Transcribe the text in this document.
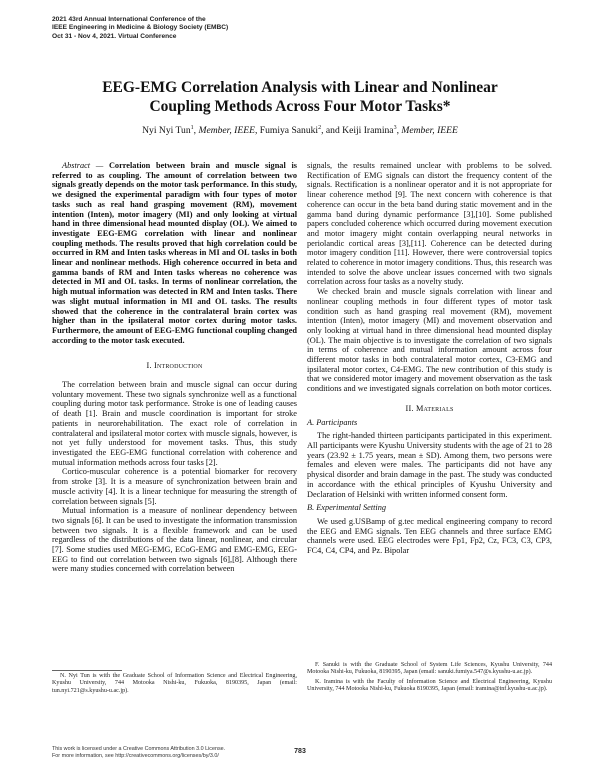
2021 43rd Annual International Conference of the
IEEE Engineering in Medicine & Biology Society (EMBC)
Oct 31 - Nov 4, 2021. Virtual Conference
EEG-EMG Correlation Analysis with Linear and Nonlinear
Coupling Methods Across Four Motor Tasks*
Nyi Nyi Tun$^1$, Member, IEEE, Fumiya Sanuki$^2$, and Keiji Iramina$^3$, Member, IEEE

Abstract — Correlation between brain and muscle signal is referred to as coupling. The amount of correlation between two signals greatly depends on the motor task performance. In this study, we designed the experimental paradigm with four types of motor tasks such as real hand grasping movement (RM), movement intention (Inten), motor imagery (MI) and only looking at virtual hand in three dimensional head mounted display (OL). We aimed to investigate EEG-EMG correlation with linear and nonlinear coupling methods. The results proved that high correlation could be occurred in RM and Inten tasks whereas in MI and OL tasks in both linear and nonlinear methods. High coherence occurred in beta and gamma bands of RM and Inten tasks whereas no coherence was detected in MI and OL tasks. In terms of nonlinear correlation, the high mutual information was detected in RM and Inten tasks. There was slight mutual information in MI and OL tasks. The results showed that the coherence in the contralateral brain cortex was higher than in the ipsilateral motor cortex during motor tasks. Furthermore, the amount of EEG-EMG functional coupling changed according to the motor task executed.

I. Introduction

The correlation between brain and muscle signal can occur during voluntary movement. These two signals synchronize well as a functional coupling during motor task performance. Stroke is one of leading causes of death [1]. Brain and muscle coordination is important for stroke patients in neurorehabilitation. The exact role of correlation in contralateral and ipsilateral motor cortex with muscle signals, however, is not yet fully understood for movement tasks. Thus, this study investigated the EEG-EMG functional correlation with coherence and mutual information methods across four tasks [2].

Cortico-muscular coherence is a potential biomarker for recovery from stroke [3]. It is a measure of synchronization between brain and muscle activity [4]. It is a linear technique for measuring the strength of correlation between signals [5].

Mutual information is a measure of nonlinear dependency between two signals [6]. It can be used to investigate the information transmission between two signals. It is a flexible framework and can be used regardless of the distributions of the data linear, nonlinear, and circular [7]. Some studies used MEG-EMG, ECoG-EMG and EMG-EMG, EEG-EEG to find out correlation between two signals [6],[8]. Although there were many studies concerned with correlation between

signals, the results remained unclear with problems to be solved. Rectification of EMG signals can distort the frequency content of the signals. Rectification is a nonlinear operator and it is not appropriate for linear coherence method [9]. The next concern with coherence is that coherence can occur in the beta band during static movement and in the gamma band during dynamic performance [3],[10]. Some published papers concluded coherence which occurred during movement execution and motor imagery might contain overlapping neural networks in periolandic cortical areas [3],[11]. Coherence can be detected during motor imagery condition [11]. However, there were controversial topics related to coherence in motor imagery conditions. Thus, this research was intended to solve the above unclear issues concerned with two signals correlation across four tasks as a novelty study.

We checked brain and muscle signals correlation with linear and nonlinear coupling methods in four different types of motor task condition such as hand grasping real movement (RM), movement intention (Inten), motor imagery (MI) and movement observation and only looking at virtual hand in three dimensional head mounted display (OL). The main objective is to investigate the correlation of two signals in terms of coherence and mutual information amount across four different motor tasks in both contralateral motor cortex, C3-EMG and ipsilateral motor cortex, C4-EMG. The new contribution of this study is that we considered motor imagery and movement observation as the task conditions and we investigated signals correlation on both motor cortices.

II. Materials
A. Participants

The right-handed thirteen participants participated in this experiment. All participants were Kyushu University students with the age of 21 to 28 years (23.92 ± 1.75 years, mean ± SD). Among them, two persons were females and eleven were males. The participants did not have any physical disorder and brain damage in the past. The study was conducted in accordance with the ethical principles of Kyushu University and Declaration of Helsinki with written informed consent form.

B. Experimental Setting

We used g.USBamp of g.tec medical engineering company to record the EEG and EMG signals. Ten EEG channels and three surface EMG channels were used. EEG electrodes were Fp1, Fp2, Cz, FC3, C3, CP3, FC4, C4, CP4, and Pz. Bipolar

N. Nyi Tun is with the Graduate School of Information Science and Electrical Engineering, Kyushu University, 744 Motooka Nishi-ku, Fukuoka, 8190395, Japan (email: tun.nyi.721@s.kyushu-u.ac.jp).

F. Sanuki is with the Graduate School of System Life Sciences, Kyushu University, 744 Motooka Nishi-ku, Fukuoka, 8190395, Japan (email: sanuki.fumiya.547@s.kyushu-u.ac.jp).

K. Iramina is with the Faculty of Information Science and Electrical Engineering, Kyushu University, 744 Motooka Nishi-ku, Fukuoka 8190395, Japan (email: iramina@inf.kyushu-u.ac.jp).

This work is licensed under a Creative Commons Attribution 3.0 License.
For more information, see http://creativecommons.org/licenses/by/3.0/
783
